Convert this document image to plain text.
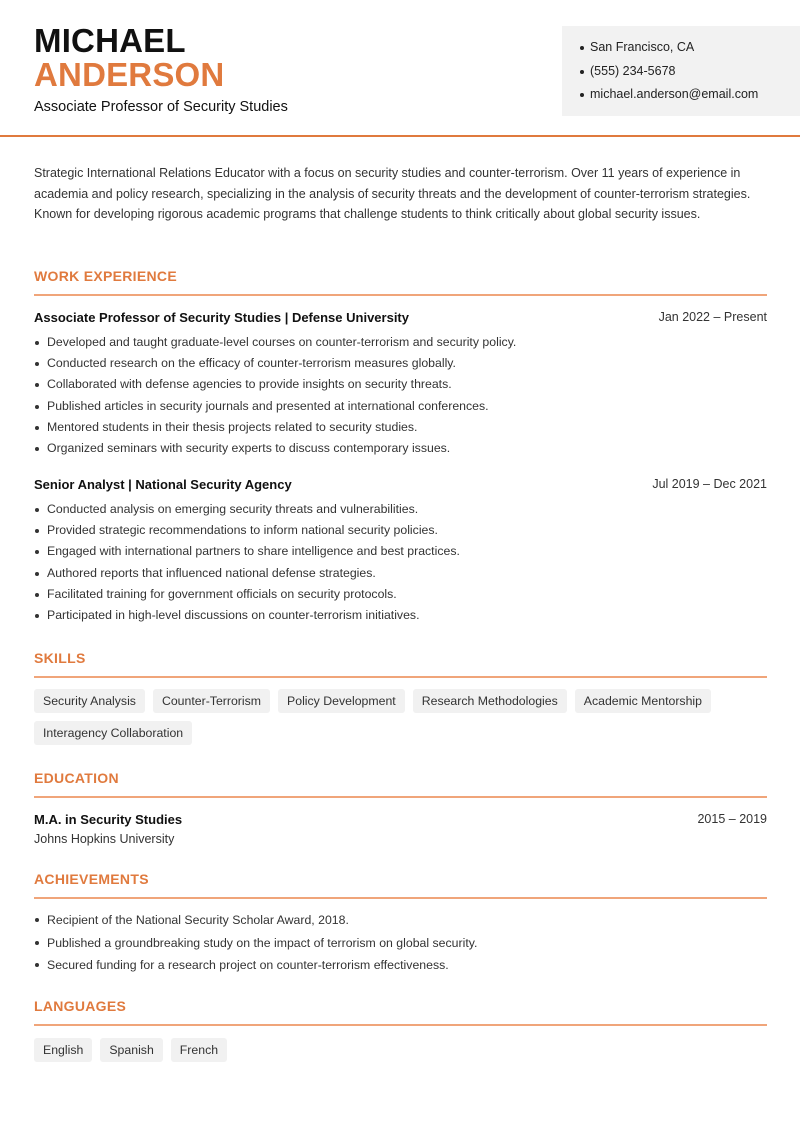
MICHAEL
ANDERSON
Associate Professor of Security Studies
San Francisco, CA
(555) 234-5678
michael.anderson@email.com
Strategic International Relations Educator with a focus on security studies and counter-terrorism. Over 11 years of experience in academia and policy research, specializing in the analysis of security threats and the development of counter-terrorism strategies. Known for developing rigorous academic programs that challenge students to think critically about global security issues.
WORK EXPERIENCE
Associate Professor of Security Studies | Defense University	Jan 2022 – Present
Developed and taught graduate-level courses on counter-terrorism and security policy.
Conducted research on the efficacy of counter-terrorism measures globally.
Collaborated with defense agencies to provide insights on security threats.
Published articles in security journals and presented at international conferences.
Mentored students in their thesis projects related to security studies.
Organized seminars with security experts to discuss contemporary issues.
Senior Analyst | National Security Agency	Jul 2019 – Dec 2021
Conducted analysis on emerging security threats and vulnerabilities.
Provided strategic recommendations to inform national security policies.
Engaged with international partners to share intelligence and best practices.
Authored reports that influenced national defense strategies.
Facilitated training for government officials on security protocols.
Participated in high-level discussions on counter-terrorism initiatives.
SKILLS
Security Analysis	Counter-Terrorism	Policy Development	Research Methodologies	Academic Mentorship
Interagency Collaboration
EDUCATION
M.A. in Security Studies
Johns Hopkins University
2015 – 2019
ACHIEVEMENTS
Recipient of the National Security Scholar Award, 2018.
Published a groundbreaking study on the impact of terrorism on global security.
Secured funding for a research project on counter-terrorism effectiveness.
LANGUAGES
English	Spanish	French
